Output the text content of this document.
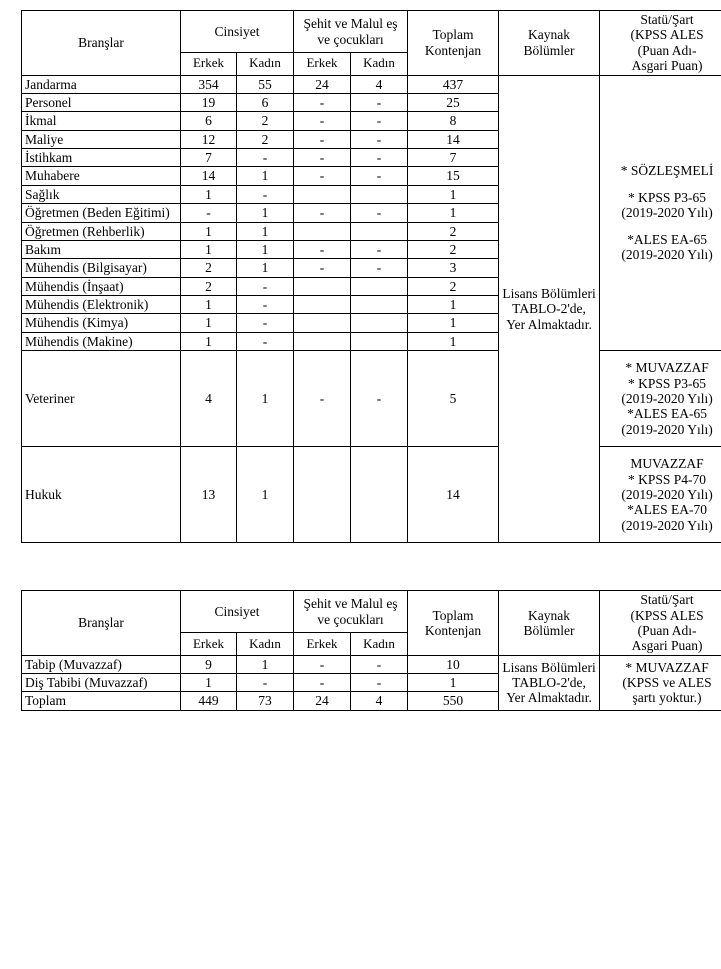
Branşlar	Cinsiyet		Şehit ve Malul eş ve çocukları		Toplam Kontenjan	Kaynak Bölümler	Statü/Şart
(KPSS ALES
(Puan Adı-
Asgari Puan)
	Erkek	Kadın	Erkek	Kadın			
Jandarma	354	55	24	4	437	Lisans Bölümleri TABLO-2'de, Yer Almaktadır.	* SÖZLEŞMELİ

* KPSS P3-65
(2019-2020 Yılı)

*ALES EA-65
(2019-2020 Yılı)
Personel	19	6	-	-	25		
İkmal	6	2	-	-	8		
Maliye	12	2	-	-	14		
İstihkam	7	-	-	-	7		
Muhabere	14	1	-	-	15		
Sağlık	1	-			1		
Öğretmen (Beden Eğitimi)	-	1	-	-	1		
Öğretmen (Rehberlik)	1	1			2		
Bakım	1	1	-	-	2		
Mühendis (Bilgisayar)	2	1	-	-	3		
Mühendis (İnşaat)	2	-			2		
Mühendis (Elektronik)	1	-			1		
Mühendis (Kimya)	1	-			1		
Mühendis (Makine)	1	-			1		
Veteriner	4	1	-	-	5		* MUVAZZAF
* KPSS P3-65
(2019-2020 Yılı)
*ALES EA-65
(2019-2020 Yılı)
Hukuk	13	1			14		MUVAZZAF
* KPSS P4-70
(2019-2020 Yılı)
*ALES EA-70
(2019-2020 Yılı)
Branşlar	Cinsiyet		Şehit ve Malul eş ve çocukları		Toplam Kontenjan	Kaynak Bölümler	Statü/Şart
(KPSS ALES
(Puan Adı-
Asgari Puan)
	Erkek	Kadın	Erkek	Kadın			
Tabip (Muvazzaf)	9	1	-	-	10	Lisans Bölümleri TABLO-2'de, Yer Almaktadır.	* MUVAZZAF
(KPSS ve ALES
şartı yoktur.)
Diş Tabibi (Muvazzaf)	1	-	-	-	1		
Toplam	449	73	24	4	550		
